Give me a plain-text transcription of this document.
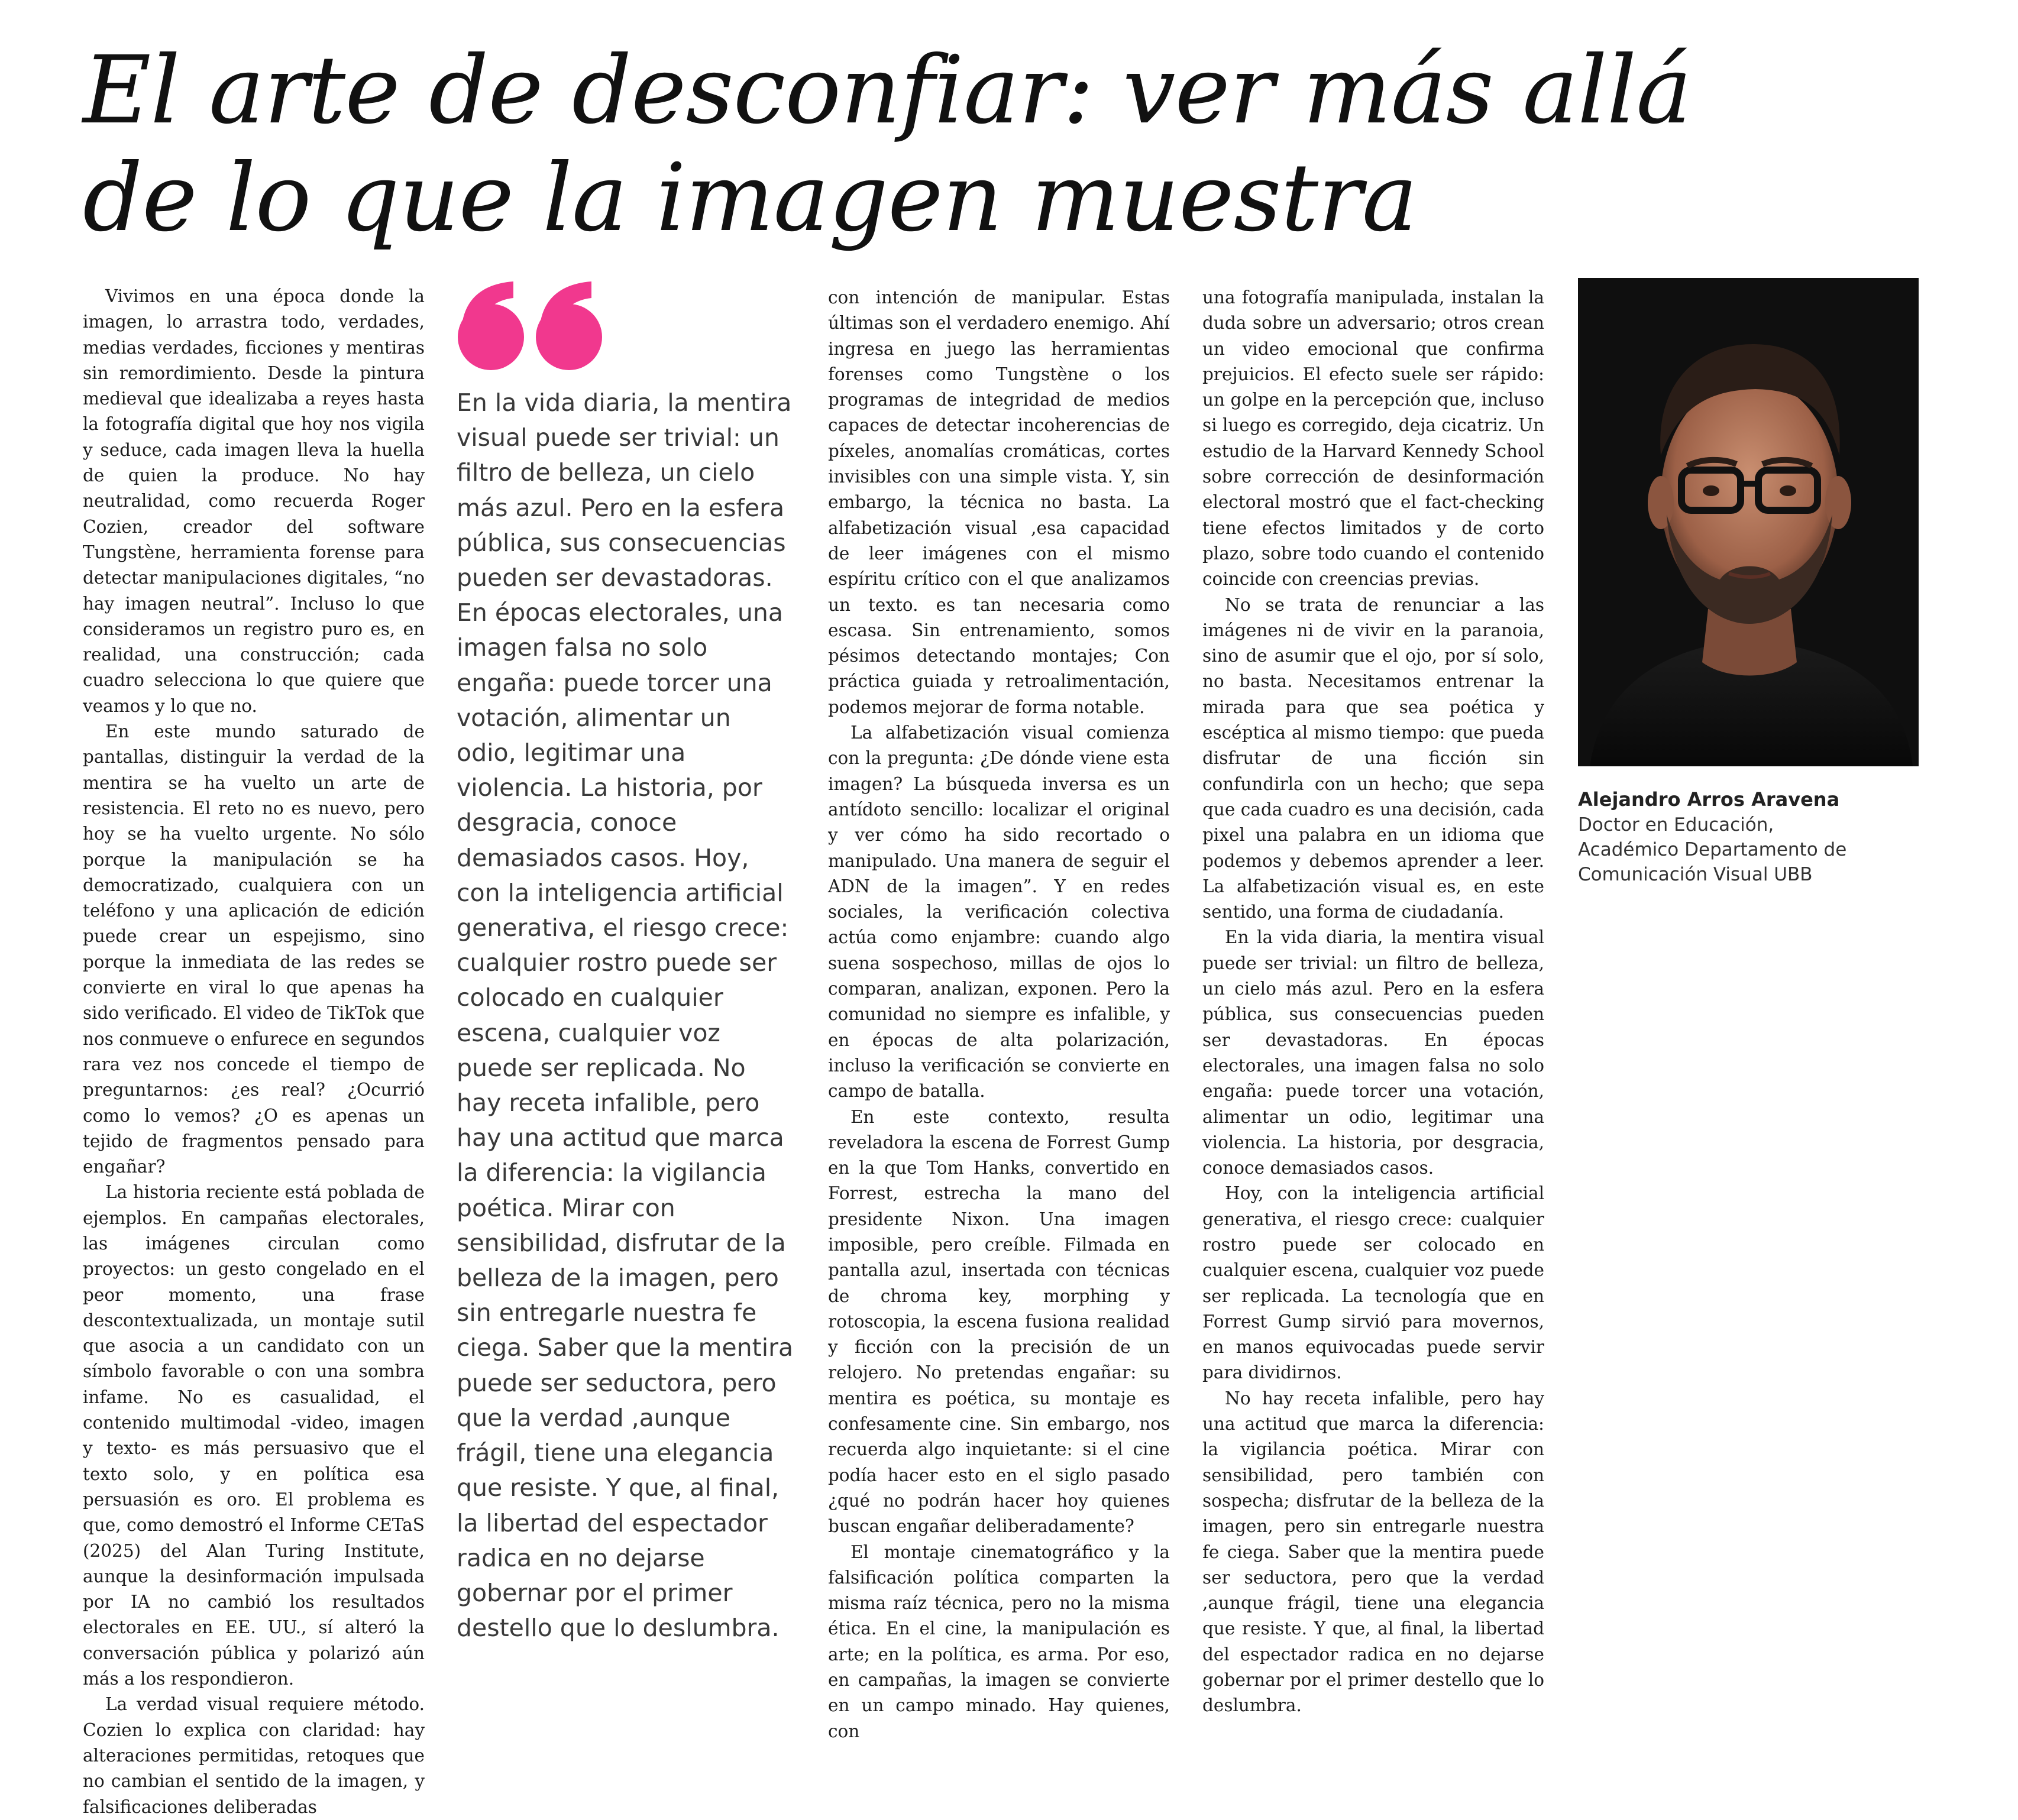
El arte de desconfiar: ver más allá
de lo que la imagen muestra

Vivimos en una época donde la imagen, lo arrastra todo, verdades, medias verdades, ficciones y mentiras sin remordimiento. Desde la pintura medieval que idealizaba a reyes hasta la fotografía digital que hoy nos vigila y seduce, cada imagen lleva la huella de quien la produce. No hay neutralidad, como recuerda Roger Cozien, creador del software Tungstène, herramienta forense para detectar manipulaciones digitales, “no hay imagen neutral”. Incluso lo que consideramos un registro puro es, en realidad, una construcción; cada cuadro selecciona lo que quiere que veamos y lo que no.

En este mundo saturado de pantallas, distinguir la verdad de la mentira se ha vuelto un arte de resistencia. El reto no es nuevo, pero hoy se ha vuelto urgente. No sólo porque la manipulación se ha democratizado, cualquiera con un teléfono y una aplicación de edición puede crear un espejismo, sino porque la inmediata de las redes se convierte en viral lo que apenas ha sido verificado. El video de TikTok que nos conmueve o enfurece en segundos rara vez nos concede el tiempo de preguntarnos: ¿es real? ¿Ocurrió como lo vemos? ¿O es apenas un tejido de fragmentos pensado para engañar?

La historia reciente está poblada de ejemplos. En campañas electorales, las imágenes circulan como proyectos: un gesto congelado en el peor momento, una frase descontextualizada, un montaje sutil que asocia a un candidato con un símbolo favorable o con una sombra infame. No es casualidad, el contenido multimodal -video, imagen y texto- es más persuasivo que el texto solo, y en política esa persuasión es oro. El problema es que, como demostró el Informe CETaS (2025) del Alan Turing Institute, aunque la desinformación impulsada por IA no cambió los resultados electorales en EE. UU., sí alteró la conversación pública y polarizó aún más a los respondieron.

La verdad visual requiere método. Cozien lo explica con claridad: hay alteraciones permitidas, retoques que no cambian el sentido de la imagen, y falsificaciones deliberadas

En la vida diaria, la mentira visual puede ser trivial: un filtro de belleza, un cielo más azul. Pero en la esfera pública, sus consecuencias pueden ser devastadoras. En épocas electorales, una imagen falsa no solo engaña: puede torcer una votación, alimentar un odio, legitimar una violencia. La historia, por desgracia, conoce demasiados casos. Hoy, con la inteligencia artificial generativa, el riesgo crece: cualquier rostro puede ser colocado en cualquier escena, cualquier voz puede ser replicada. No hay receta infalible, pero hay una actitud que marca la diferencia: la vigilancia poética. Mirar con sensibilidad, disfrutar de la belleza de la imagen, pero sin entregarle nuestra fe ciega. Saber que la mentira puede ser seductora, pero que la verdad ,aunque frágil, tiene una elegancia que resiste. Y que, al final, la libertad del espectador radica en no dejarse gobernar por el primer destello que lo deslumbra.

con intención de manipular. Estas últimas son el verdadero enemigo. Ahí ingresa en juego las herramientas forenses como Tungstène o los programas de integridad de medios capaces de detectar incoherencias de píxeles, anomalías cromáticas, cortes invisibles con una simple vista. Y, sin embargo, la técnica no basta. La alfabetización visual ,esa capacidad de leer imágenes con el mismo espíritu crítico con el que analizamos un texto. es tan necesaria como escasa. Sin entrenamiento, somos pésimos detectando montajes; Con práctica guiada y retroalimentación, podemos mejorar de forma notable.

La alfabetización visual comienza con la pregunta: ¿De dónde viene esta imagen? La búsqueda inversa es un antídoto sencillo: localizar el original y ver cómo ha sido recortado o manipulado. Una manera de seguir el ADN de la imagen”. Y en redes sociales, la verificación colectiva actúa como enjambre: cuando algo suena sospechoso, millas de ojos lo comparan, analizan, exponen. Pero la comunidad no siempre es infalible, y en épocas de alta polarización, incluso la verificación se convierte en campo de batalla.

En este contexto, resulta reveladora la escena de Forrest Gump en la que Tom Hanks, convertido en Forrest, estrecha la mano del presidente Nixon. Una imagen imposible, pero creíble. Filmada en pantalla azul, insertada con técnicas de chroma key, morphing y rotoscopia, la escena fusiona realidad y ficción con la precisión de un relojero. No pretendas engañar: su mentira es poética, su montaje es confesamente cine. Sin embargo, nos recuerda algo inquietante: si el cine podía hacer esto en el siglo pasado ¿qué no podrán hacer hoy quienes buscan engañar deliberadamente?

El montaje cinematográfico y la falsificación política comparten la misma raíz técnica, pero no la misma ética. En el cine, la manipulación es arte; en la política, es arma. Por eso, en campañas, la imagen se convierte en un campo minado. Hay quienes, con

una fotografía manipulada, instalan la duda sobre un adversario; otros crean un video emocional que confirma prejuicios. El efecto suele ser rápido: un golpe en la percepción que, incluso si luego es corregido, deja cicatriz. Un estudio de la Harvard Kennedy School sobre corrección de desinformación electoral mostró que el fact-checking tiene efectos limitados y de corto plazo, sobre todo cuando el contenido coincide con creencias previas.

No se trata de renunciar a las imágenes ni de vivir en la paranoia, sino de asumir que el ojo, por sí solo, no basta. Necesitamos entrenar la mirada para que sea poética y escéptica al mismo tiempo: que pueda disfrutar de una ficción sin confundirla con un hecho; que sepa que cada cuadro es una decisión, cada pixel una palabra en un idioma que podemos y debemos aprender a leer. La alfabetización visual es, en este sentido, una forma de ciudadanía.

En la vida diaria, la mentira visual puede ser trivial: un filtro de belleza, un cielo más azul. Pero en la esfera pública, sus consecuencias pueden ser devastadoras. En épocas electorales, una imagen falsa no solo engaña: puede torcer una votación, alimentar un odio, legitimar una violencia. La historia, por desgracia, conoce demasiados casos.

Hoy, con la inteligencia artificial generativa, el riesgo crece: cualquier rostro puede ser colocado en cualquier escena, cualquier voz puede ser replicada. La tecnología que en Forrest Gump sirvió para movernos, en manos equivocadas puede servir para dividirnos.

No hay receta infalible, pero hay una actitud que marca la diferencia: la vigilancia poética. Mirar con sensibilidad, pero también con sospecha; disfrutar de la belleza de la imagen, pero sin entregarle nuestra fe ciega. Saber que la mentira puede ser seductora, pero que la verdad ,aunque frágil, tiene una elegancia que resiste. Y que, al final, la libertad del espectador radica en no dejarse gobernar por el primer destello que lo deslumbra.

Alejandro Arros Aravena
Doctor en Educación,
Académico Departamento de
Comunicación Visual UBB
